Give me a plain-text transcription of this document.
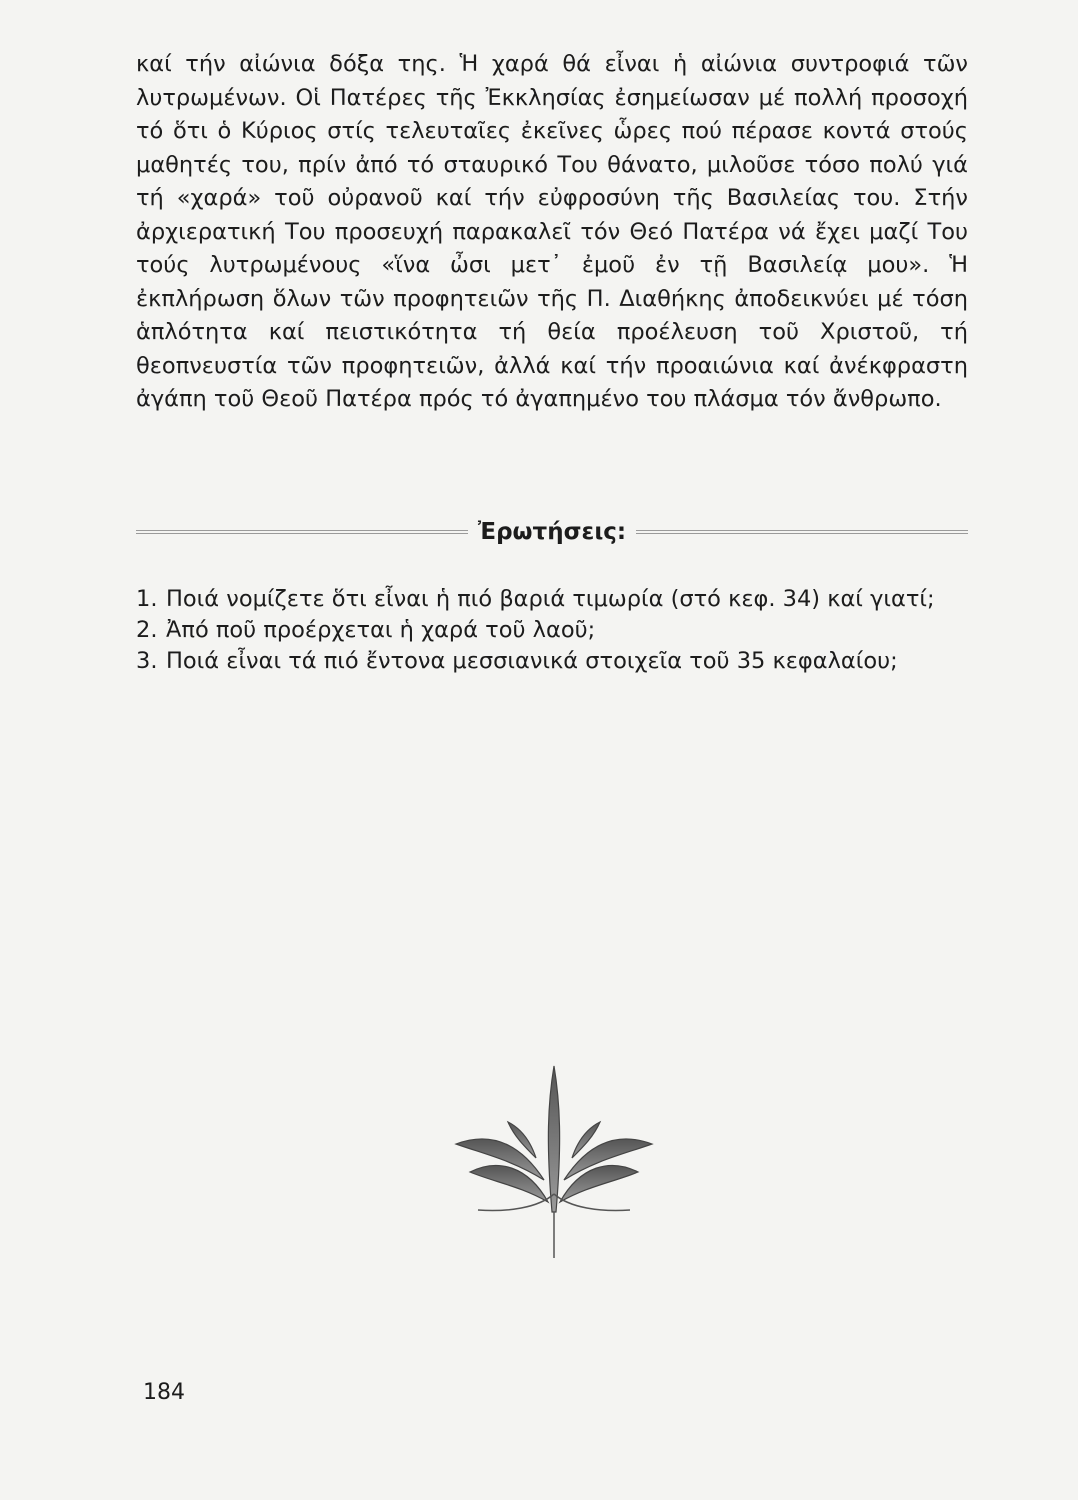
καί τήν αἰώνια δόξα της. Ἡ χαρά θά εἶναι ἡ αἰώνια συντροφιά τῶν λυτρωμένων. Οἱ Πατέρες τῆς Ἐκκλησίας ἐσημείωσαν μέ πολλή προσοχή τό ὅτι ὁ Κύριος στίς τελευταῖες ἐκεῖνες ὧρες πού πέρασε κοντά στούς μαθητές του, πρίν ἀπό τό σταυρικό Του θάνατο, μιλοῦσε τόσο πολύ γιά τή «χαρά» τοῦ οὐρανοῦ καί τήν εὐφροσύνη τῆς Βασιλείας του. Στήν ἀρχιερατική Του προσευχή παρακαλεῖ τόν Θεό Πατέρα νά ἔχει μαζί Του τούς λυτρωμένους «ἵνα ὦσι μετ᾽ ἐμοῦ ἐν τῇ Βασιλείᾳ μου». Ἡ ἐκπλήρωση ὅλων τῶν προφητειῶν τῆς Π. Διαθήκης ἀποδεικνύει μέ τόση ἁπλότητα καί πειστικότητα τή θεία προέλευση τοῦ Χριστοῦ, τή θεοπνευστία τῶν προφητειῶν, ἀλλά καί τήν προαιώνια καί ἀνέκφραστη ἀγάπη τοῦ Θεοῦ Πατέρα πρός τό ἀγαπημένο του πλάσμα τόν ἄνθρωπο.

Ἐρωτήσεις:
1. Ποιά νομίζετε ὅτι εἶναι ἡ πιό βαριά τιμωρία (στό κεφ. 34) καί γιατί;
2. Ἀπό ποῦ προέρχεται ἡ χαρά τοῦ λαοῦ;
3. Ποιά εἶναι τά πιό ἔντονα μεσσιανικά στοιχεῖα τοῦ 35 κεφαλαίου;
184
